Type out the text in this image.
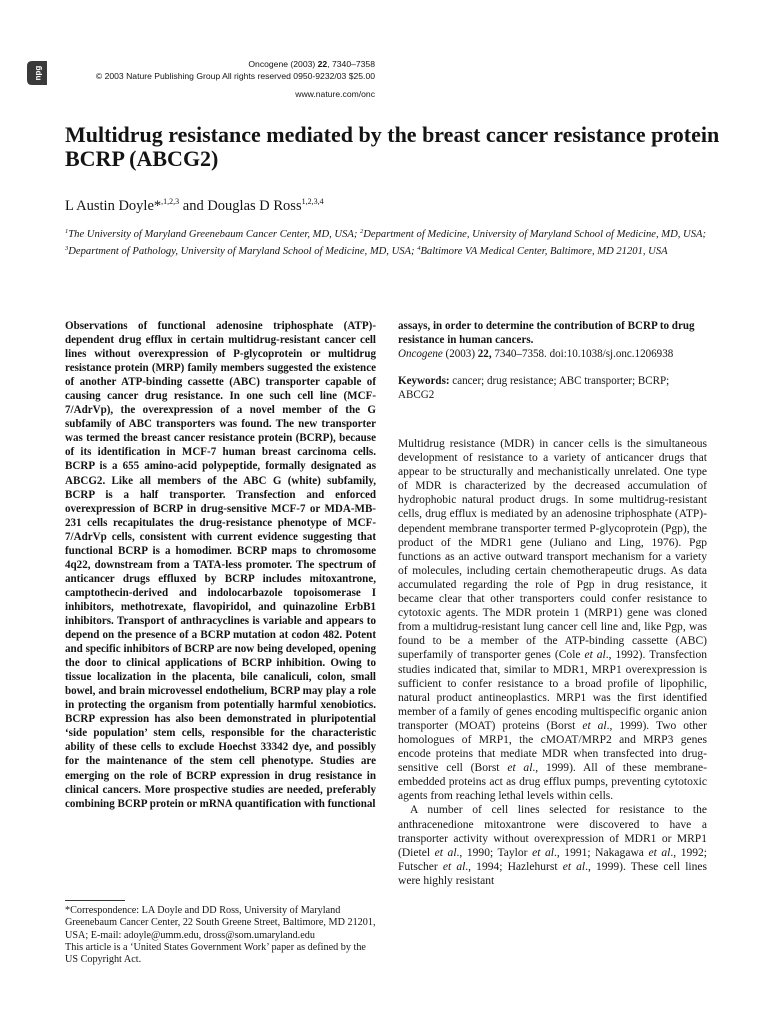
npg
Oncogene (2003) 22, 7340–7358
© 2003 Nature Publishing Group All rights reserved 0950-9232/03 $25.00
www.nature.com/onc
Multidrug resistance mediated by the breast cancer resistance protein BCRP (ABCG2)
L Austin Doyle*$^{,1,2,3}$ and Douglas D Ross$^{1,2,3,4}$
$^1$The University of Maryland Greenebaum Cancer Center, MD, USA; $^2$Department of Medicine, University of Maryland School of Medicine, MD, USA; $^3$Department of Pathology, University of Maryland School of Medicine, MD, USA; $^4$Baltimore VA Medical Center, Baltimore, MD 21201, USA
Observations of functional adenosine triphosphate (ATP)-dependent drug efflux in certain multidrug-resistant cancer cell lines without overexpression of P-glycoprotein or multidrug resistance protein (MRP) family members suggested the existence of another ATP-binding cassette (ABC) transporter capable of causing cancer drug resistance. In one such cell line (MCF-7/AdrVp), the overexpression of a novel member of the G subfamily of ABC transporters was found. The new transporter was termed the breast cancer resistance protein (BCRP), because of its identification in MCF-7 human breast carcinoma cells. BCRP is a 655 amino-acid polypeptide, formally designated as ABCG2. Like all members of the ABC G (white) subfamily, BCRP is a half transporter. Transfection and enforced overexpression of BCRP in drug-sensitive MCF-7 or MDA-MB-231 cells recapitulates the drug-resistance phenotype of MCF-7/AdrVp cells, consistent with current evidence suggesting that functional BCRP is a homodimer. BCRP maps to chromosome 4q22, downstream from a TATA-less promoter. The spectrum of anticancer drugs effluxed by BCRP includes mitoxantrone, camptothecin-derived and indolocarbazole topoisomerase I inhibitors, methotrexate, flavopiridol, and quinazoline ErbB1 inhibitors. Transport of anthracyclines is variable and appears to depend on the presence of a BCRP mutation at codon 482. Potent and specific inhibitors of BCRP are now being developed, opening the door to clinical applications of BCRP inhibition. Owing to tissue localization in the placenta, bile canaliculi, colon, small bowel, and brain microvessel endothelium, BCRP may play a role in protecting the organism from potentially harmful xenobiotics. BCRP expression has also been demonstrated in pluripotential ‘side population’ stem cells, responsible for the characteristic ability of these cells to exclude Hoechst 33342 dye, and possibly for the maintenance of the stem cell phenotype. Studies are emerging on the role of BCRP expression in drug resistance in clinical cancers. More prospective studies are needed, preferably combining BCRP protein or mRNA quantification with functional
assays, in order to determine the contribution of BCRP to drug resistance in human cancers.
Oncogene (2003) 22, 7340–7358. doi:10.1038/sj.onc.1206938
Keywords: cancer; drug resistance; ABC transporter; BCRP; ABCG2

Multidrug resistance (MDR) in cancer cells is the simultaneous development of resistance to a variety of anticancer drugs that appear to be structurally and mechanistically unrelated. One type of MDR is characterized by the decreased accumulation of hydrophobic natural product drugs. In some multidrug-resistant cells, drug efflux is mediated by an adenosine triphosphate (ATP)-dependent membrane transporter termed P-glycoprotein (Pgp), the product of the MDR1 gene (Juliano and Ling, 1976). Pgp functions as an active outward transport mechanism for a variety of molecules, including certain chemotherapeutic drugs. As data accumulated regarding the role of Pgp in drug resistance, it became clear that other transporters could confer resistance to cytotoxic agents. The MDR protein 1 (MRP1) gene was cloned from a multidrug-resistant lung cancer cell line and, like Pgp, was found to be a member of the ATP-binding cassette (ABC) superfamily of transporter genes (Cole et al., 1992). Transfection studies indicated that, similar to MDR1, MRP1 overexpression is sufficient to confer resistance to a broad profile of lipophilic, natural product antineoplastics. MRP1 was the first identified member of a family of genes encoding multispecific organic anion transporter (MOAT) proteins (Borst et al., 1999). Two other homologues of MRP1, the cMOAT/MRP2 and MRP3 genes encode proteins that mediate MDR when transfected into drug-sensitive cell (Borst et al., 1999). All of these membrane-embedded proteins act as drug efflux pumps, preventing cytotoxic agents from reaching lethal levels within cells.

A number of cell lines selected for resistance to the anthracenedione mitoxantrone were discovered to have a transporter activity without overexpression of MDR1 or MRP1 (Dietel et al., 1990; Taylor et al., 1991; Nakagawa et al., 1992; Futscher et al., 1994; Hazlehurst et al., 1999). These cell lines were highly resistant

*Correspondence: LA Doyle and DD Ross, University of Maryland Greenebaum Cancer Center, 22 South Greene Street, Baltimore, MD 21201, USA; E-mail: adoyle@umm.edu, dross@som.umaryland.edu
This article is a ‘United States Government Work’ paper as defined by the US Copyright Act.
